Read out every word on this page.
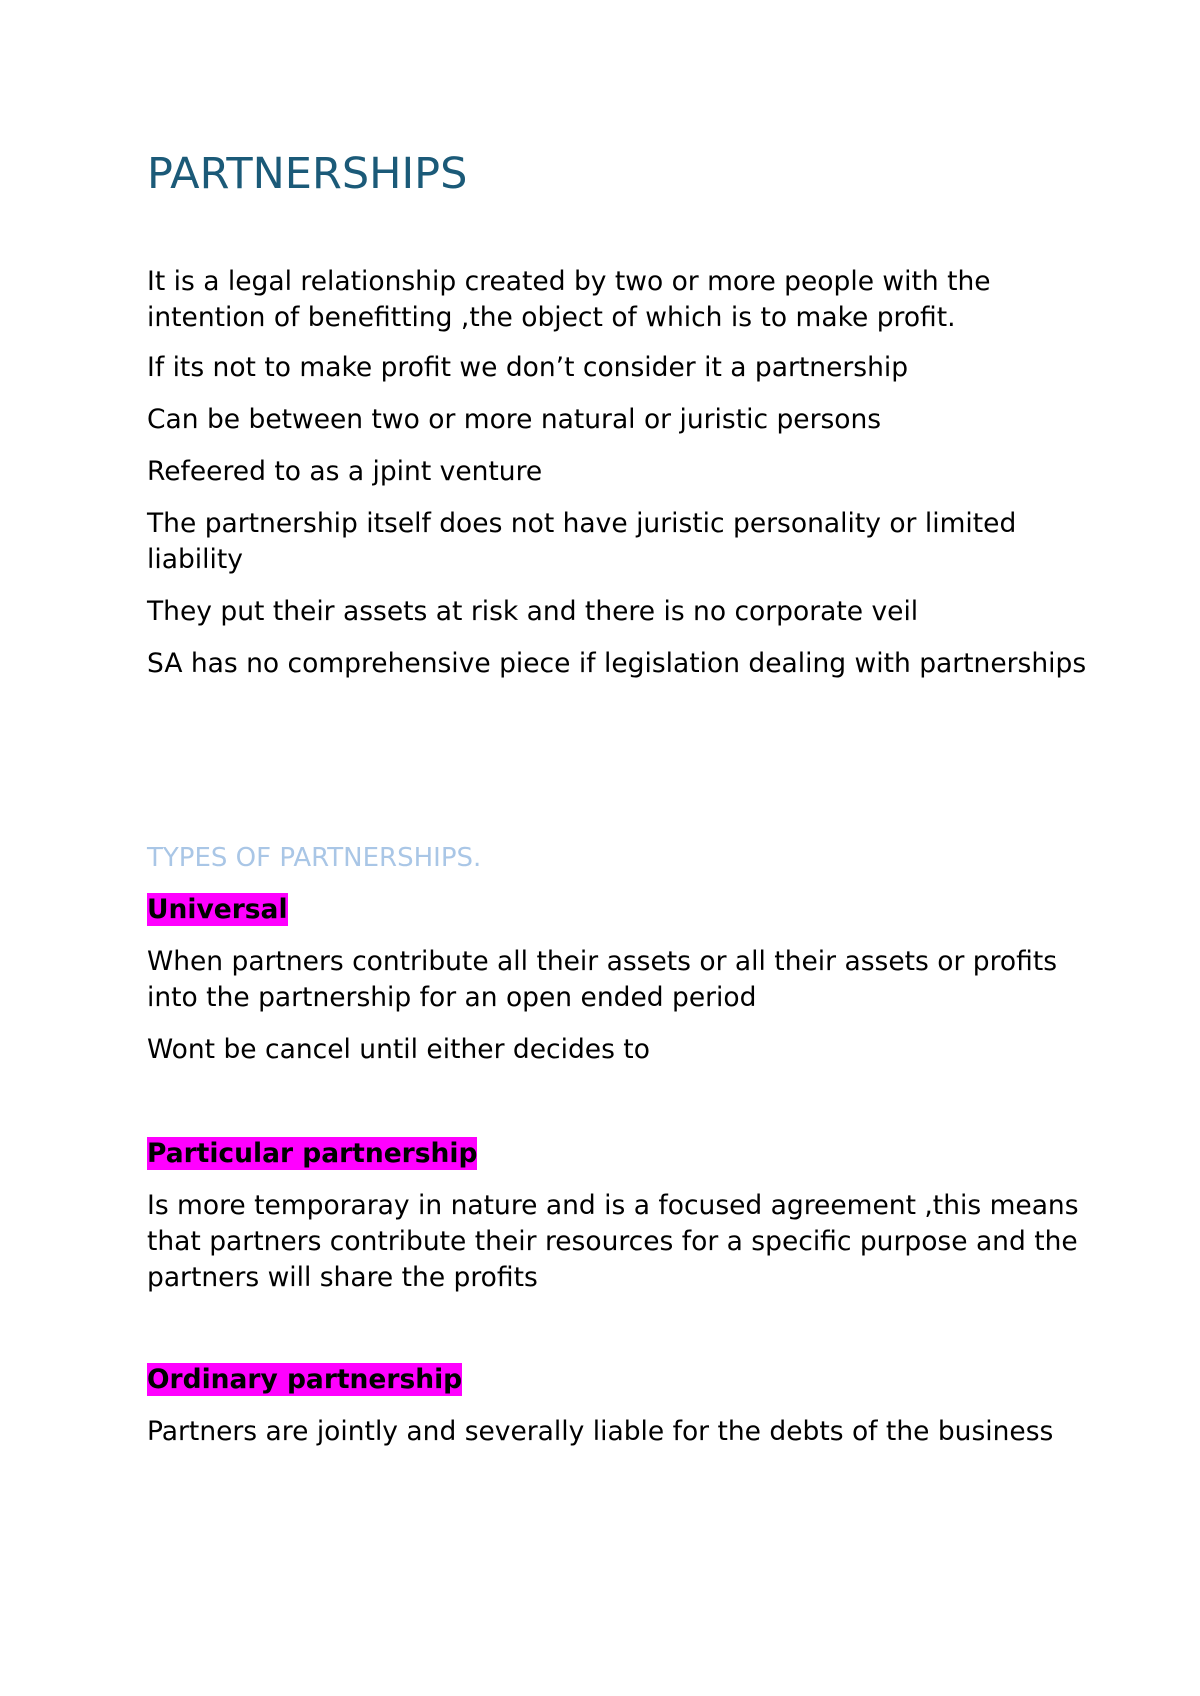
PARTNERSHIPS

It is a legal relationship created by two or more people with the intention of benefitting ,the object of which is to make profit.

If its not to make profit we don’t consider it a partnership

Can be between two or more natural or juristic persons

Refeered to as a jpint venture

The partnership itself does not have juristic personality or limited liability

They put their assets at risk and there is no corporate veil

SA has no comprehensive piece if legislation dealing with partnerships

TYPES OF PARTNERSHIPS.
Universal

When partners contribute all their assets or all their assets or profits into the partnership for an open ended period

Wont be cancel until either decides to

Particular partnership

Is more temporaray in nature and is a focused agreement ,this means that partners contribute their resources for a specific purpose and the partners will share the profits

Ordinary partnership

Partners are jointly and severally liable for the debts of the business
